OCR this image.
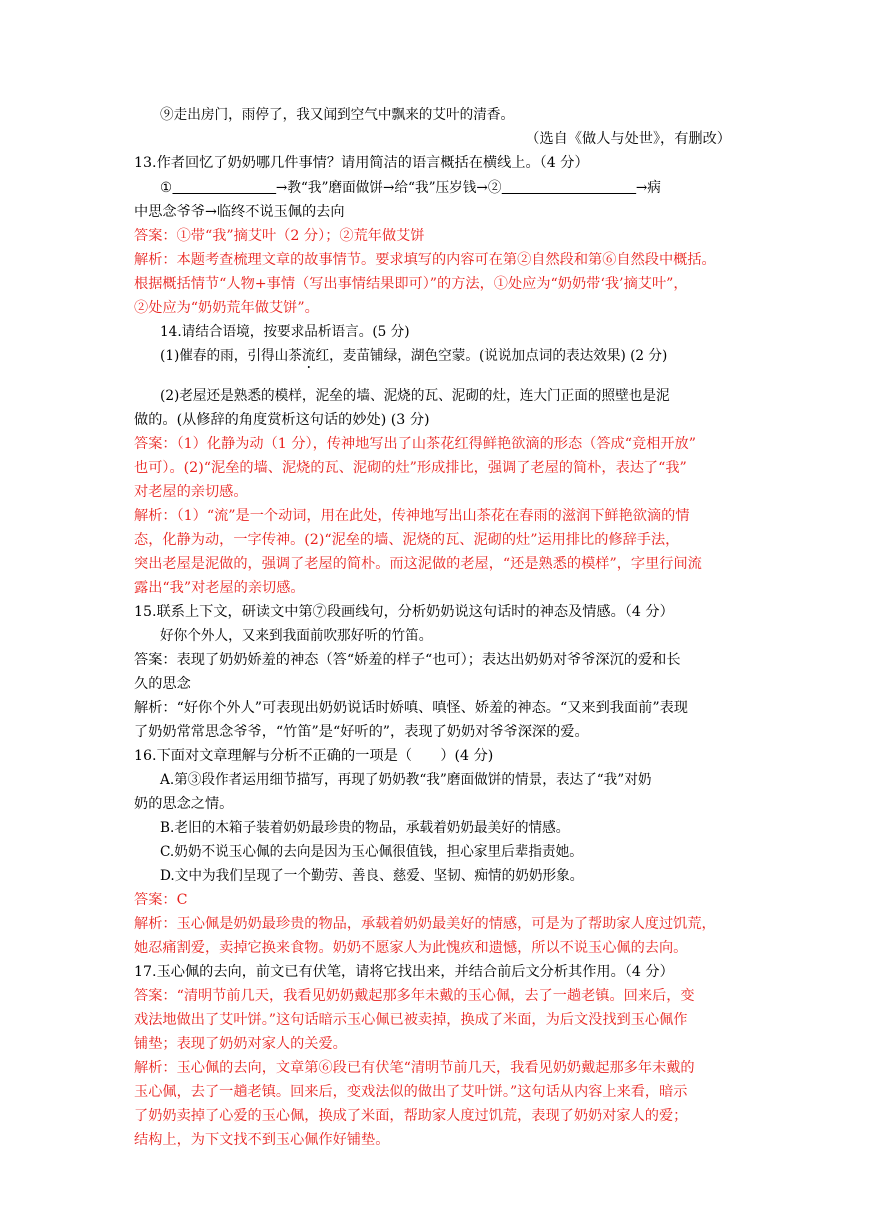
⑨走出房门，雨停了，我又闻到空气中飘来的艾叶的清香。
（选自《做人与处世》，有删改）
13.作者回忆了奶奶哪几件事情？请用简洁的语言概括在横线上。（4 分）
①	→教“我”磨面做饼→给“我”压岁钱→②	→病
中思念爷爷→临终不说玉佩的去向
答案：①带“我”摘艾叶（2 分）；②荒年做艾饼
解析：本题考查梳理文章的故事情节。要求填写的内容可在第②自然段和第⑥自然段中概括。
根据概括情节“人物+事情（写出事情结果即可）”的方法，①处应为“奶奶带‘我’摘艾叶”，
②处应为“奶奶荒年做艾饼”。
14.请结合语境，按要求品析语言。(5 分)
(1)催春的雨，引得山茶流红，麦苗铺绿，湖色空蒙。(说说加点词的表达效果) (2 分)
(2)老屋还是熟悉的模样，泥垒的墙、泥烧的瓦、泥砌的灶，连大门正面的照壁也是泥
做的。(从修辞的角度赏析这句话的妙处) (3 分)
答案：（1）化静为动（1 分），传神地写出了山茶花红得鲜艳欲滴的形态（答成“竞相开放”
也可）。(2)“泥垒的墙、泥烧的瓦、泥砌的灶”形成排比，强调了老屋的简朴，表达了“我”
对老屋的亲切感。
解析：（1）“流”是一个动词，用在此处，传神地写出山茶花在春雨的滋润下鲜艳欲滴的情
态，化静为动，一字传神。(2)“泥垒的墙、泥烧的瓦、泥砌的灶”运用排比的修辞手法，
突出老屋是泥做的，强调了老屋的简朴。而这泥做的老屋，“还是熟悉的模样”，字里行间流
露出“我”对老屋的亲切感。
15.联系上下文，研读文中第⑦段画线句，分析奶奶说这句话时的神态及情感。（4 分）
好你个外人，又来到我面前吹那好听的竹笛。
答案：表现了奶奶娇羞的神态（答“娇羞的样子“也可）；表达出奶奶对爷爷深沉的爱和长
久的思念
解析：“好你个外人”可表现出奶奶说话时娇嗔、嗔怪、娇羞的神态。“又来到我面前”表现
了奶奶常常思念爷爷，“竹笛”是“好听的”，表现了奶奶对爷爷深深的爱。
16.下面对文章理解与分析不正确的一项是（　　）(4 分)
A.第③段作者运用细节描写，再现了奶奶教“我”磨面做饼的情景，表达了“我”对奶
奶的思念之情。
B.老旧的木箱子装着奶奶最珍贵的物品，承载着奶奶最美好的情感。
C.奶奶不说玉心佩的去向是因为玉心佩很值钱，担心家里后辈指责她。
D.文中为我们呈现了一个勤劳、善良、慈爱、坚韧、痴情的奶奶形象。
答案：C
解析：玉心佩是奶奶最珍贵的物品，承载着奶奶最美好的情感，可是为了帮助家人度过饥荒，
她忍痛割爱，卖掉它换来食物。奶奶不愿家人为此愧疚和遗憾，所以不说玉心佩的去向。
17.玉心佩的去向，前文已有伏笔，请将它找出来，并结合前后文分析其作用。（4 分）
答案：“清明节前几天，我看见奶奶戴起那多年未戴的玉心佩，去了一趟老镇。回来后，变
戏法地做出了艾叶饼。”这句话暗示玉心佩已被卖掉，换成了米面，为后文没找到玉心佩作
铺垫；表现了奶奶对家人的关爱。
解析：玉心佩的去向，文章第⑥段已有伏笔“清明节前几天，我看见奶奶戴起那多年未戴的
玉心佩，去了一趟老镇。回来后，变戏法似的做出了艾叶饼。”这句话从内容上来看，暗示
了奶奶卖掉了心爱的玉心佩，换成了米面，帮助家人度过饥荒，表现了奶奶对家人的爱；
结构上，为下文找不到玉心佩作好铺垫。
